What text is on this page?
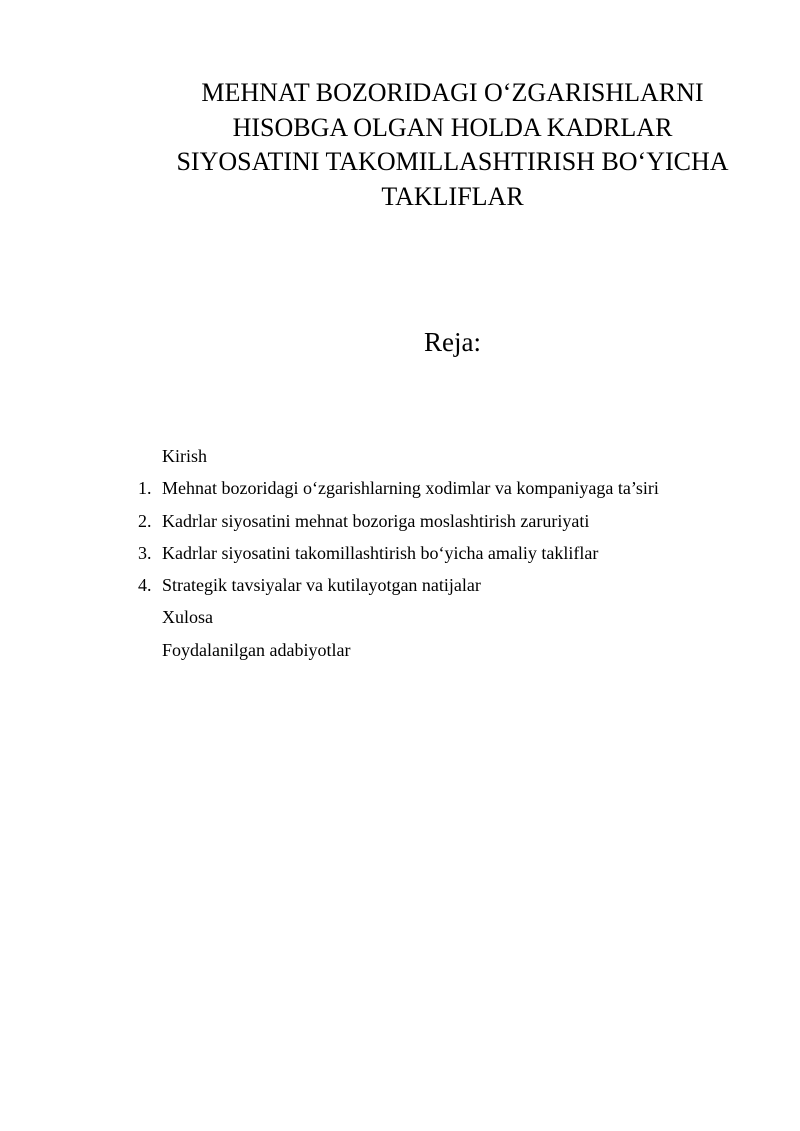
MEHNAT BOZORIDAGI O‘ZGARISHLARNI
HISOBGA OLGAN HOLDA KADRLAR
SIYOSATINI TAKOMILLASHTIRISH BO‘YICHA
TAKLIFLAR
Reja:
Kirish
1. Mehnat bozoridagi o‘zgarishlarning xodimlar va kompaniyaga ta’siri
2. Kadrlar siyosatini mehnat bozoriga moslashtirish zaruriyati
3. Kadrlar siyosatini takomillashtirish bo‘yicha amaliy takliflar
4. Strategik tavsiyalar va kutilayotgan natijalar
Xulosa
Foydalanilgan adabiyotlar
